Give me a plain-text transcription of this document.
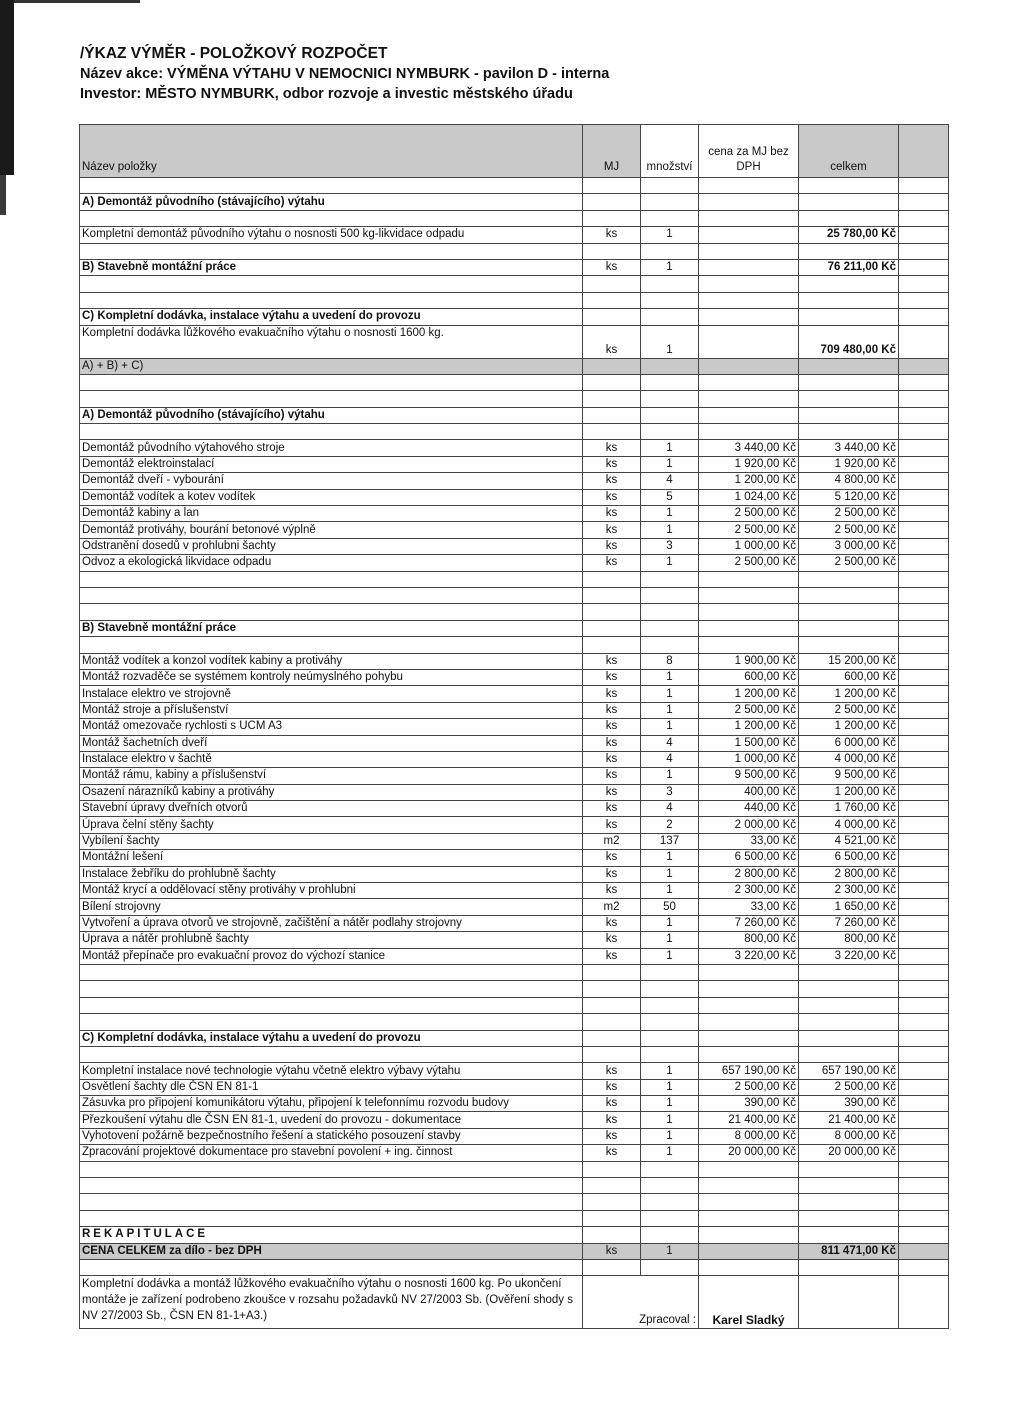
/ÝKAZ VÝMĚR - POLOŽKOVÝ ROZPOČET
Název akce: VÝMĚNA VÝTAHU V NEMOCNICI NYMBURK - pavilon D - interna
Investor: MĚSTO NYMBURK, odbor rozvoje a investic městského úřadu
Název položky	MJ	množství	cena za MJ bez DPH	celkem	

A) Demontáž původního (stávajícího) výtahu					

Kompletní demontáž původního výtahu o nosnosti 500 kg-likvidace odpadu	ks	1		25 780,00 Kč	

B) Stavebně montážní práce	ks	1		76 211,00 Kč	

C) Kompletní dodávka, instalace výtahu a uvedení do provozu					
Kompletní dodávka lůžkového evakuačního výtahu o nosnosti 1600 kg.	ks	1		709 480,00 Kč	
A) + B) + C)					

A) Demontáž původního (stávajícího) výtahu					

Demontáž původního výtahového stroje	ks	1	3 440,00 Kč	3 440,00 Kč	
Demontáž elektroinstalací	ks	1	1 920,00 Kč	1 920,00 Kč	
Demontáž dveří - vybourání	ks	4	1 200,00 Kč	4 800,00 Kč	
Demontáž vodítek a kotev vodítek	ks	5	1 024,00 Kč	5 120,00 Kč	
Demontáž kabiny a lan	ks	1	2 500,00 Kč	2 500,00 Kč	
Demontáž protiváhy, bourání betonové výplně	ks	1	2 500,00 Kč	2 500,00 Kč	
Odstranění dosedů v prohlubni šachty	ks	3	1 000,00 Kč	3 000,00 Kč	
Odvoz a ekologická likvidace odpadu	ks	1	2 500,00 Kč	2 500,00 Kč	

B) Stavebně montážní práce					

Montáž vodítek a konzol vodítek kabiny a protiváhy	ks	8	1 900,00 Kč	15 200,00 Kč	
Montáž rozvaděče se systémem kontroly neúmyslného pohybu	ks	1	600,00 Kč	600,00 Kč	
Instalace elektro ve strojovně	ks	1	1 200,00 Kč	1 200,00 Kč	
Montáž stroje a příslušenství	ks	1	2 500,00 Kč	2 500,00 Kč	
Montáž omezovače rychlosti s UCM A3	ks	1	1 200,00 Kč	1 200,00 Kč	
Montáž šachetních dveří	ks	4	1 500,00 Kč	6 000,00 Kč	
Instalace elektro v šachtě	ks	4	1 000,00 Kč	4 000,00 Kč	
Montáž rámu, kabiny a příslušenství	ks	1	9 500,00 Kč	9 500,00 Kč	
Osazení nárazníků kabiny a protiváhy	ks	3	400,00 Kč	1 200,00 Kč	
Stavební úpravy dveřních otvorů	ks	4	440,00 Kč	1 760,00 Kč	
Úprava čelní stěny šachty	ks	2	2 000,00 Kč	4 000,00 Kč	
Vybílení šachty	m2	137	33,00 Kč	4 521,00 Kč	
Montážní lešení	ks	1	6 500,00 Kč	6 500,00 Kč	
Instalace žebříku do prohlubně šachty	ks	1	2 800,00 Kč	2 800,00 Kč	
Montáž krycí a oddělovací stěny protiváhy v prohlubni	ks	1	2 300,00 Kč	2 300,00 Kč	
Bílení strojovny	m2	50	33,00 Kč	1 650,00 Kč	
Vytvoření a úprava otvorů ve strojovně, začištění a nátěr podlahy strojovny	ks	1	7 260,00 Kč	7 260,00 Kč	
Úprava a nátěr prohlubně šachty	ks	1	800,00 Kč	800,00 Kč	
Montáž přepínače pro evakuační provoz do výchozí stanice	ks	1	3 220,00 Kč	3 220,00 Kč	

C) Kompletní dodávka, instalace výtahu a uvedení do provozu					

Kompletní instalace nové technologie výtahu včetně elektro výbavy výtahu	ks	1	657 190,00 Kč	657 190,00 Kč	
Osvětlení šachty dle ČSN EN 81-1	ks	1	2 500,00 Kč	2 500,00 Kč	
Zásuvka pro připojení komunikátoru výtahu, připojení k telefonnímu rozvodu budovy	ks	1	390,00 Kč	390,00 Kč	
Přezkoušení výtahu dle ČSN EN 81-1, uvedení do provozu - dokumentace	ks	1	21 400,00 Kč	21 400,00 Kč	
Vyhotovení požárně bezpečnostního řešení a statického posouzení stavby	ks	1	8 000,00 Kč	8 000,00 Kč	
Zpracování projektové dokumentace pro stavební povolení + ing. činnost	ks	1	20 000,00 Kč	20 000,00 Kč	

REKAPITULACE					
CENA CELKEM za dílo - bez DPH	ks	1		811 471,00 Kč	

Kompletní dodávka a montáž lůžkového evakuačního výtahu o nosnosti 1600 kg. Po ukončení montáže je zařízení podrobeno zkoušce v rozsahu požadavků NV 27/2003 Sb. (Ověření shody s NV 27/2003 Sb., ČSN EN 81-1+A3.)	Zpracoval :		Karel Sladký		
